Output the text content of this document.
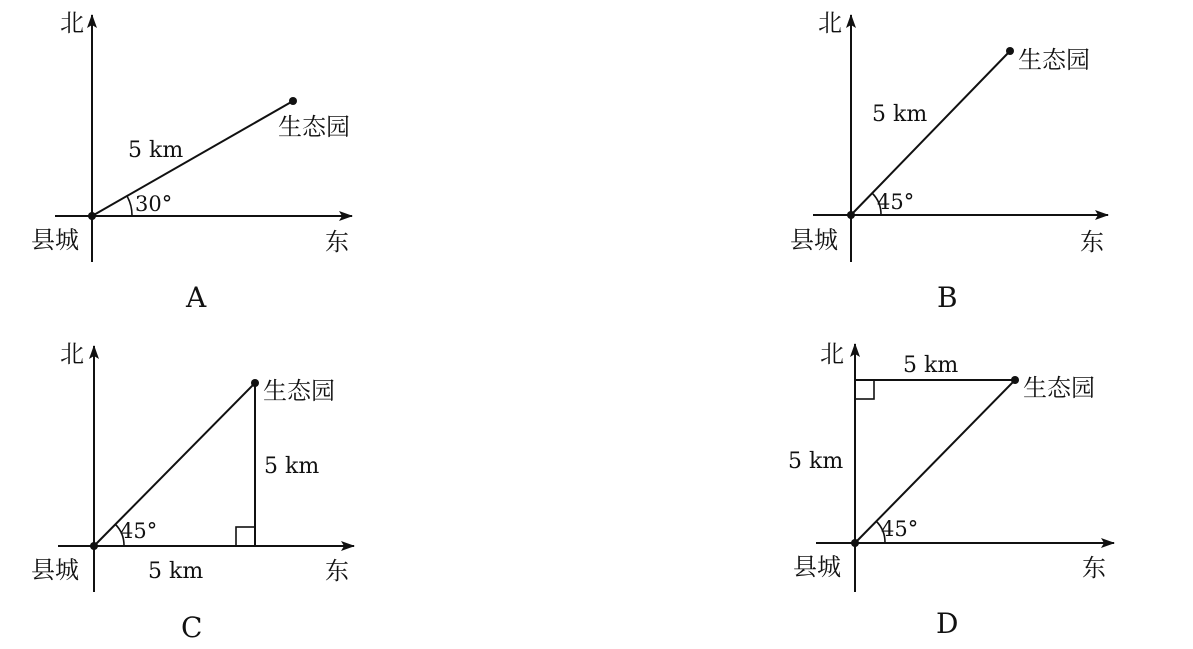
北
东
县城
生态园
5 km
30°
A
北
东
县城
生态园
5 km
45°
B
北
东
县城
生态园
5 km
5 km
45°
C
北
东
县城
生态园
5 km
5 km
45°
D
